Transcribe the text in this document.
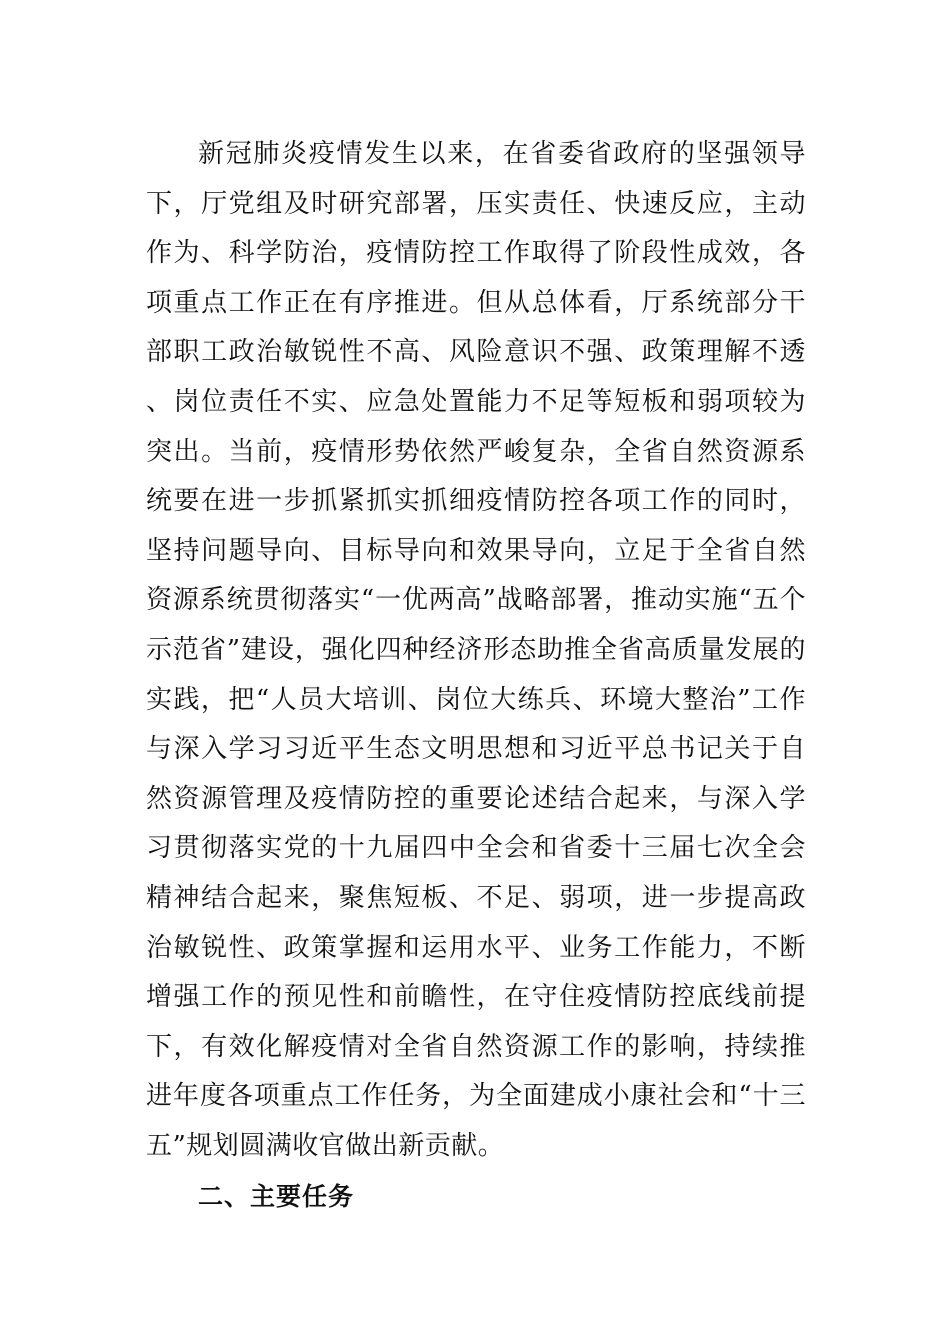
新冠肺炎疫情发生以来，在省委省政府的坚强领导下，厅党组及时研究部署，压实责任、快速反应，主动作为、科学防治，疫情防控工作取得了阶段性成效，各项重点工作正在有序推进。但从总体看，厅系统部分干部职工政治敏锐性不高、风险意识不强、政策理解不透、岗位责任不实、应急处置能力不足等短板和弱项较为突出。当前，疫情形势依然严峻复杂，全省自然资源系统要在进一步抓紧抓实抓细疫情防控各项工作的同时，坚持问题导向、目标导向和效果导向，立足于全省自然资源系统贯彻落实“一优两高”战略部署，推动实施“五个示范省”建设，强化四种经济形态助推全省高质量发展的实践，把“人员大培训、岗位大练兵、环境大整治”工作与深入学习习近平生态文明思想和习近平总书记关于自然资源管理及疫情防控的重要论述结合起来，与深入学习贯彻落实党的十九届四中全会和省委十三届七次全会精神结合起来，聚焦短板、不足、弱项，进一步提高政治敏锐性、政策掌握和运用水平、业务工作能力，不断增强工作的预见性和前瞻性，在守住疫情防控底线前提下，有效化解疫情对全省自然资源工作的影响，持续推进年度各项重点工作任务，为全面建成小康社会和“十三五”规划圆满收官做出新贡献。

二、主要任务
